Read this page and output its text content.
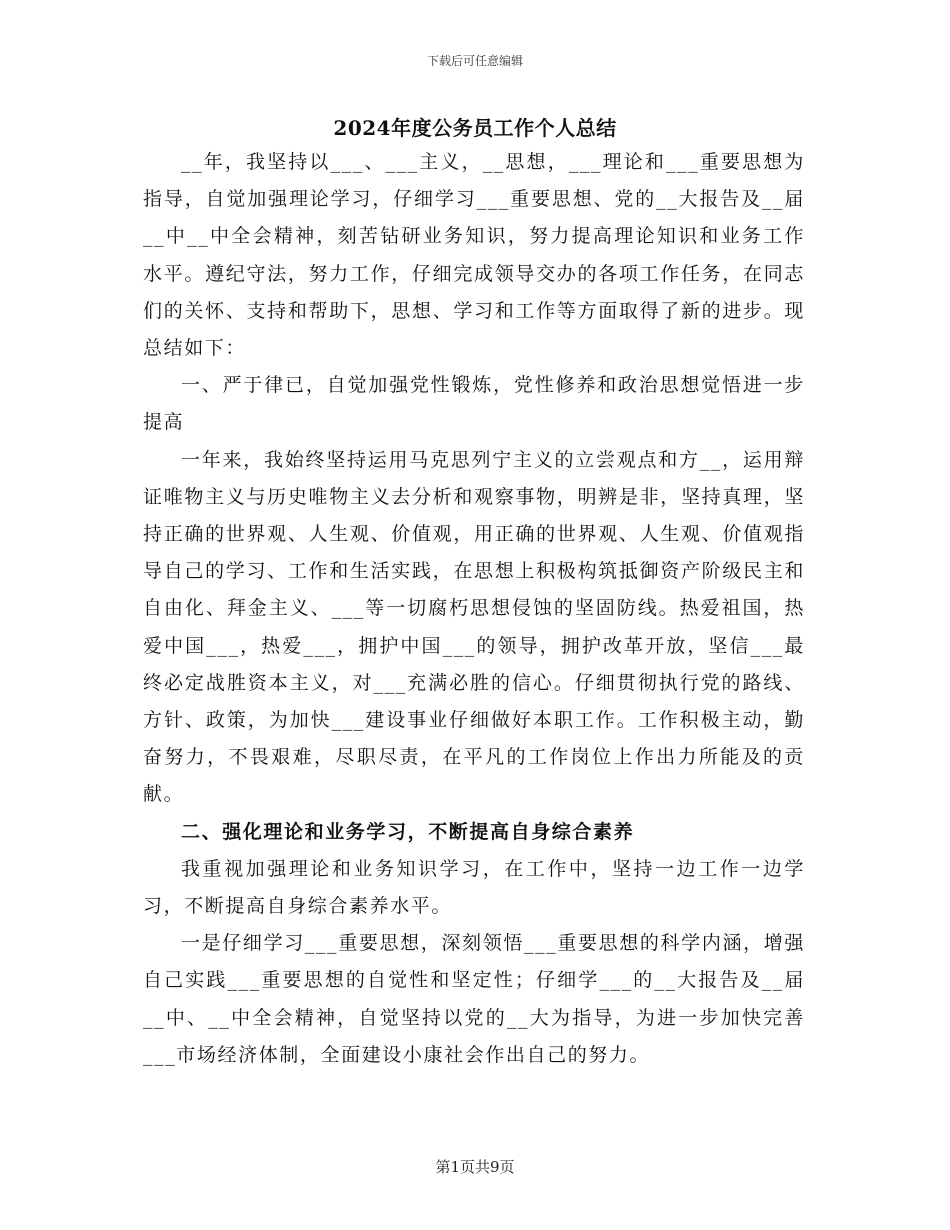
下载后可任意编辑
2024年度公务员工作个人总结

__年，我坚持以___、___主义，__思想，___理论和___重要思想为指导，自觉加强理论学习，仔细学习___重要思想、党的__大报告及__届__中__中全会精神，刻苦钻研业务知识，努力提高理论知识和业务工作水平。遵纪守法，努力工作，仔细完成领导交办的各项工作任务，在同志们的关怀、支持和帮助下，思想、学习和工作等方面取得了新的进步。现总结如下：

一、严于律已，自觉加强党性锻炼，党性修养和政治思想觉悟进一步提高

一年来，我始终坚持运用马克思列宁主义的立尝观点和方__，运用辩证唯物主义与历史唯物主义去分析和观察事物，明辨是非，坚持真理，坚持正确的世界观、人生观、价值观，用正确的世界观、人生观、价值观指导自己的学习、工作和生活实践，在思想上积极构筑抵御资产阶级民主和自由化、拜金主义、___等一切腐朽思想侵蚀的坚固防线。热爱祖国，热爱中国___，热爱___，拥护中国___的领导，拥护改革开放，坚信___最终必定战胜资本主义，对___充满必胜的信心。仔细贯彻执行党的路线、方针、政策，为加快___建设事业仔细做好本职工作。工作积极主动，勤奋努力，不畏艰难，尽职尽责，在平凡的工作岗位上作出力所能及的贡献。

二、强化理论和业务学习，不断提高自身综合素养

我重视加强理论和业务知识学习，在工作中，坚持一边工作一边学习，不断提高自身综合素养水平。

一是仔细学习___重要思想，深刻领悟___重要思想的科学内涵，增强自己实践___重要思想的自觉性和坚定性；仔细学___的__大报告及__届__中、__中全会精神，自觉坚持以党的__大为指导，为进一步加快完善___市场经济体制，全面建设小康社会作出自己的努力。

第1页共9页
